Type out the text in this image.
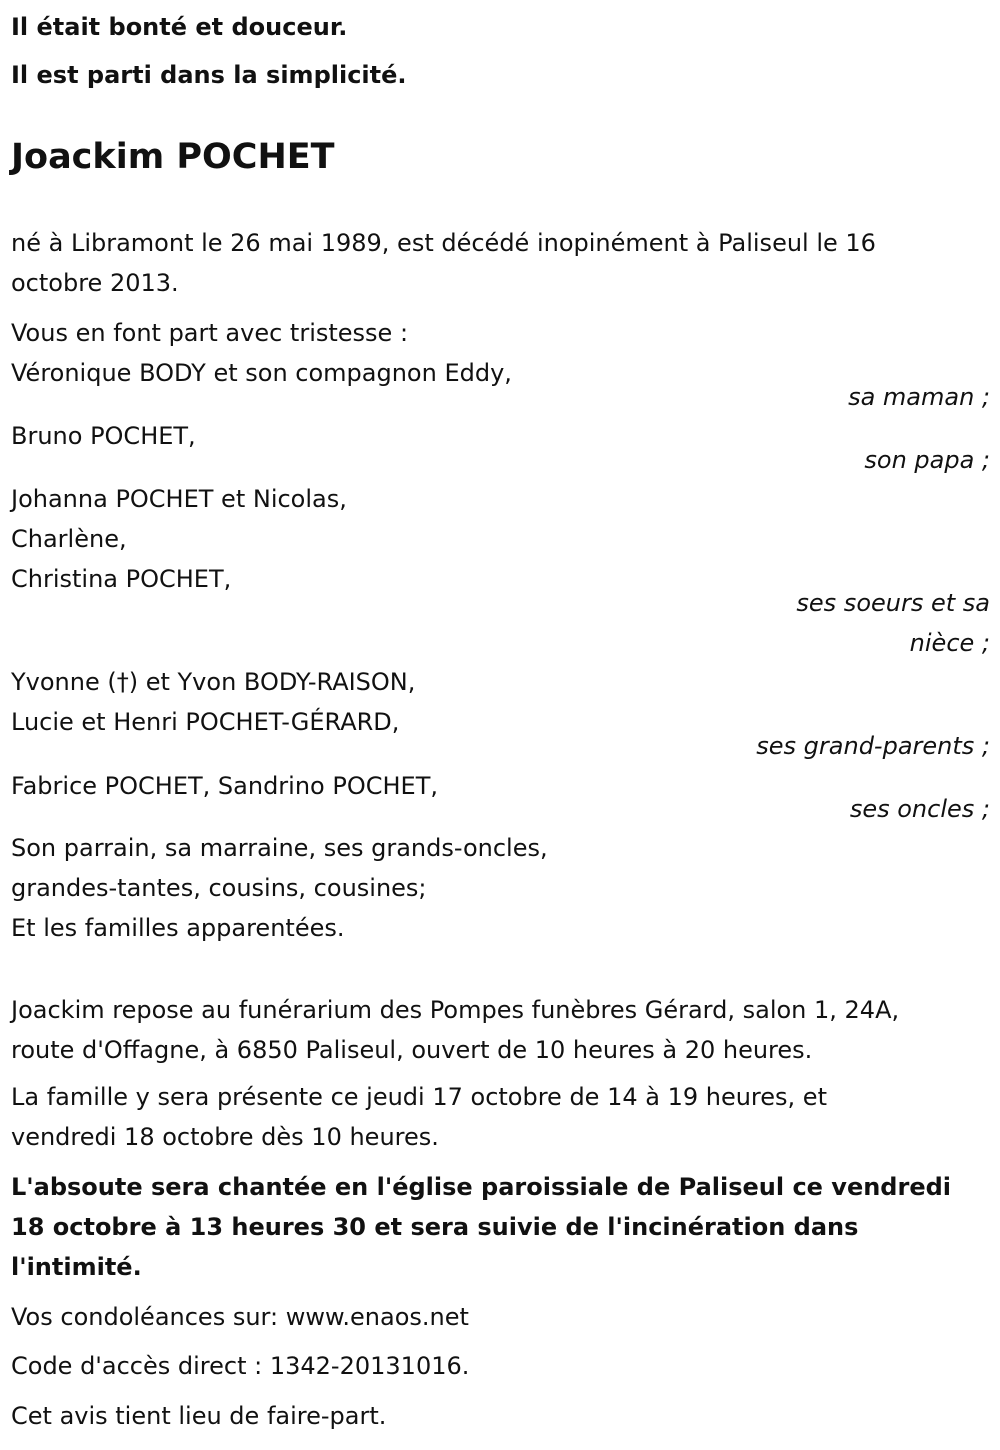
Il était bonté et douceur.
Il est parti dans la simplicité.
Joackim POCHET
né à Libramont le 26 mai 1989, est décédé inopinément à Paliseul le 16
octobre 2013.
Vous en font part avec tristesse :
Véronique BODY et son compagnon Eddy,
sa maman ;
Bruno POCHET,
son papa ;
Johanna POCHET et Nicolas,
Charlène,
Christina POCHET,
ses soeurs et sa
nièce ;
Yvonne (†) et Yvon BODY-RAISON,
Lucie et Henri POCHET-GÉRARD,
ses grand-parents ;
Fabrice POCHET, Sandrino POCHET,
ses oncles ;
Son parrain, sa marraine, ses grands-oncles,
grandes-tantes, cousins, cousines;
Et les familles apparentées.
Joackim repose au funérarium des Pompes funèbres Gérard, salon 1, 24A,
route d'Offagne, à 6850 Paliseul, ouvert de 10 heures à 20 heures.
La famille y sera présente ce jeudi 17 octobre de 14 à 19 heures, et
vendredi 18 octobre dès 10 heures.
L'absoute sera chantée en l'église paroissiale de Paliseul ce vendredi
18 octobre à 13 heures 30 et sera suivie de l'incinération dans
l'intimité.
Vos condoléances sur: www.enaos.net
Code d'accès direct : 1342-20131016.
Cet avis tient lieu de faire-part.
